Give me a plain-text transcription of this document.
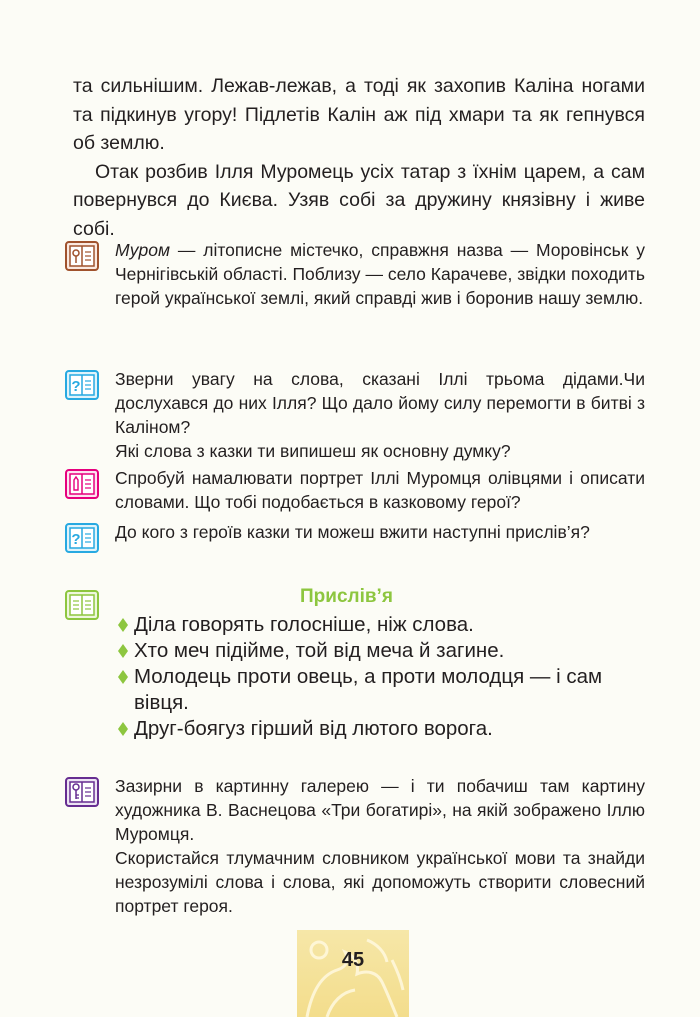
та сильнішим. Лежав-лежав, а тоді як захопив Каліна ногами та підкинув угору! Підлетів Калін аж під хмари та як гепнувся об землю.

Отак розбив Ілля Муромець усіх татар з їхнім царем, а сам повернувся до Києва. Узяв собі за дружину князівну і живе собі.

Муром — літописне містечко, справжня назва — Моровінськ у Чернігівській області. Поблизу — село Карачеве, звідки походить герой української землі, який справді жив і боронив нашу землю.

? Зверни увагу на слова, сказані Іллі трьома дідами.Чи дослухався до них Ілля? Що дало йому силу перемогти в битві з Каліном?

Які слова з казки ти випишеш як основну думку?

Спробуй намалювати портрет Іллі Муромця олівцями і описати словами. Що тобі подобається в казковому герої?

? До кого з героїв казки ти можеш вжити наступні прислів’я?

Прислів’я

Діла говорять голосніше, ніж слова.

Хто меч підійме, той від меча й загине.

Молодець проти овець, а проти молодця — і сам вівця.

Друг-боягуз гірший від лютого ворога.

Зазирни в картинну галерею — і ти побачиш там картину художника В. Васнецова «Три богатирі», на якій зображено Іллю Муромця.

Скористайся тлумачним словником української мови та знайди незрозумілі слова і слова, які допоможуть створити словесний портрет героя.

45
